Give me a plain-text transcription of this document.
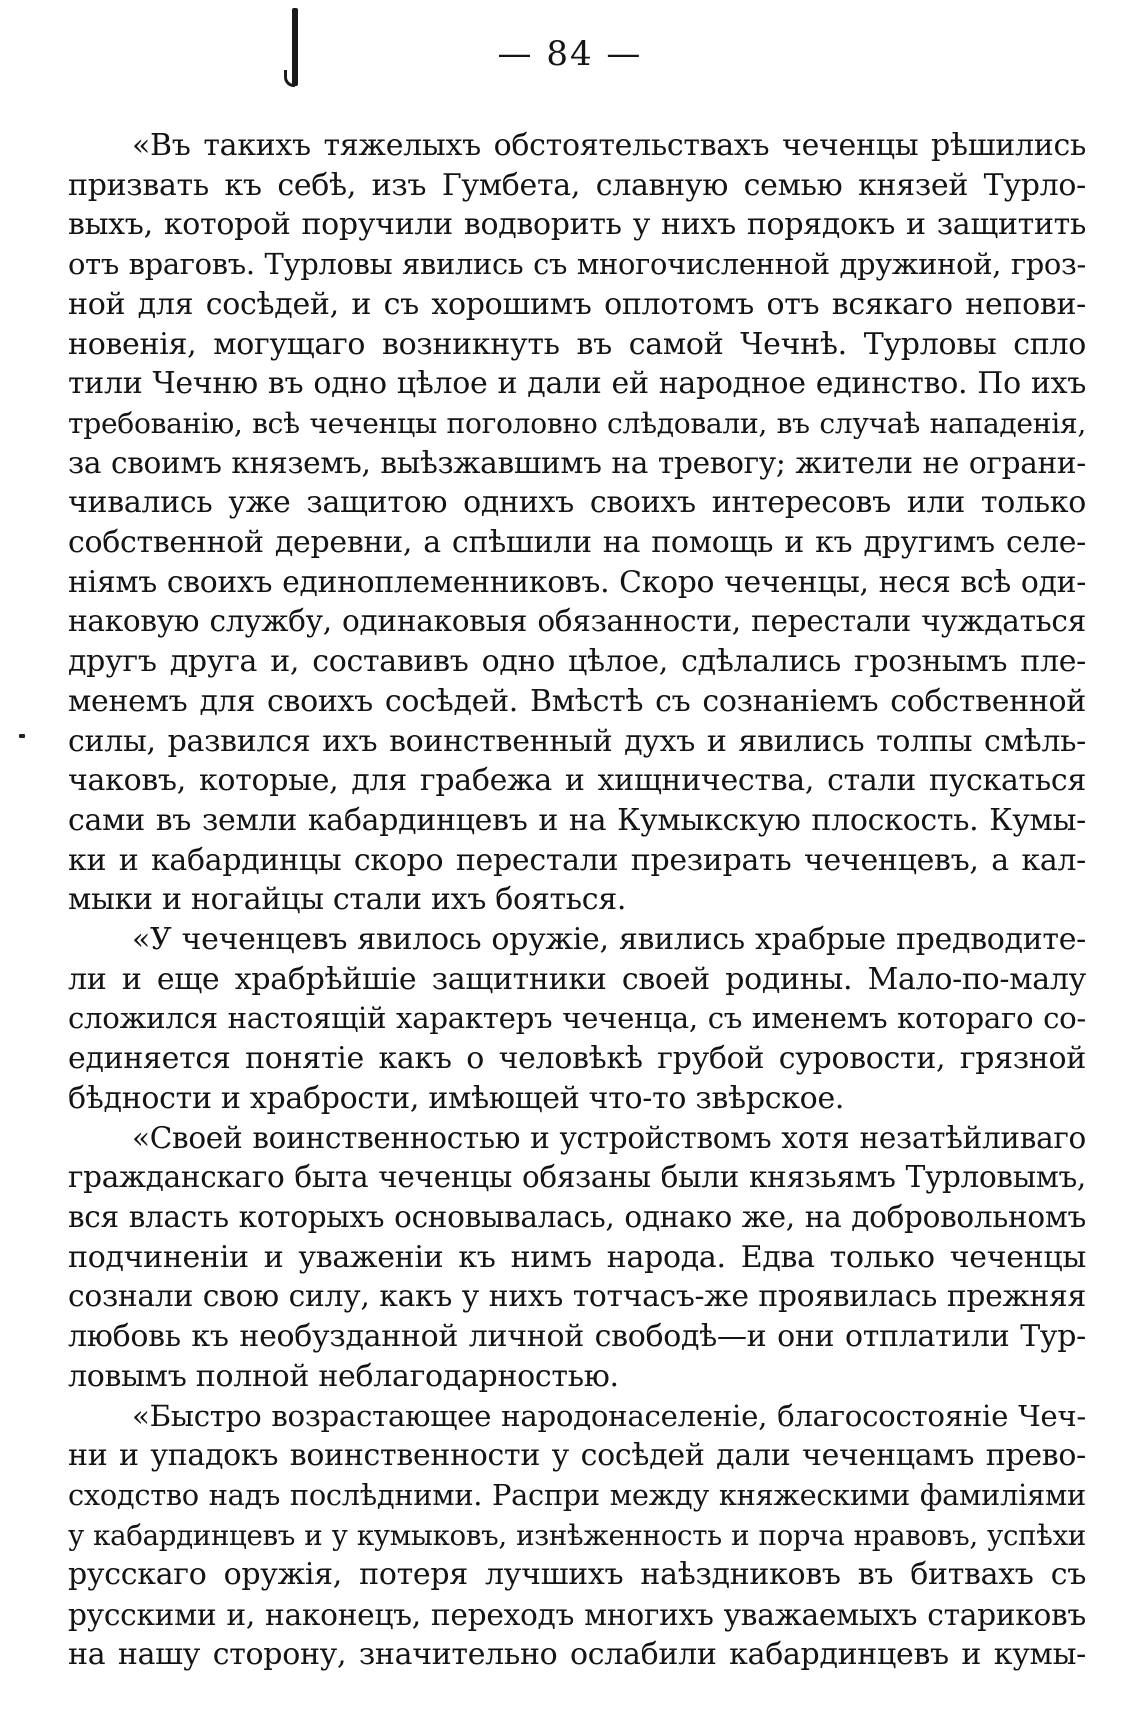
— 84 —

«Въ такихъ тяжелыхъ обстоятельствахъ чеченцы рѣшились
призвать къ себѣ, изъ Гумбета, славную семью князей Турло-
выхъ, которой поручили водворить у нихъ порядокъ и защитить
отъ враговъ. Турловы явились съ многочисленной дружиной, гроз-
ной для сосѣдей, и съ хорошимъ оплотомъ отъ всякаго непови-
новенія, могущаго возникнуть въ самой Чечнѣ. Турловы спло
тили Чечню въ одно цѣлое и дали ей народное единство. По ихъ
требованію, всѣ чеченцы поголовно слѣдовали, въ случаѣ нападенія,
за своимъ княземъ, выѣзжавшимъ на тревогу; жители не ограни-
чивались уже защитою однихъ своихъ интересовъ или только
собственной деревни, а спѣшили на помощь и къ другимъ селе-
ніямъ своихъ единоплеменниковъ. Скоро чеченцы, неся всѣ оди-
наковую службу, одинаковыя обязанности, перестали чуждаться
другъ друга и, составивъ одно цѣлое, сдѣлались грознымъ пле-
менемъ для своихъ сосѣдей. Вмѣстѣ съ сознаніемъ собственной
силы, развился ихъ воинственный духъ и явились толпы смѣль-
чаковъ, которые, для грабежа и хищничества, стали пускаться
сами въ земли кабардинцевъ и на Кумыкскую плоскость. Кумы-
ки и кабардинцы скоро перестали презирать чеченцевъ, а кал-
мыки и ногайцы стали ихъ бояться.

«У чеченцевъ явилось оружіе, явились храбрые предводите-
ли и еще храбрѣйшіе защитники своей родины. Мало-по-малу
сложился настоящій характеръ чеченца, съ именемъ котораго со-
единяется понятіе какъ о человѣкѣ грубой суровости, грязной
бѣдности и храбрости, имѣющей что-то звѣрское.

«Своей воинственностью и устройствомъ хотя незатѣйливаго
гражданскаго быта чеченцы обязаны были князьямъ Турловымъ,
вся власть которыхъ основывалась, однако же, на добровольномъ
подчиненіи и уваженіи къ нимъ народа. Едва только чеченцы
сознали свою силу, какъ у нихъ тотчасъ-же проявилась прежняя
любовь къ необузданной личной свободѣ—и они отплатили Тур-
ловымъ полной неблагодарностью.

«Быстро возрастающее народонаселеніе, благосостояніе Чеч-
ни и упадокъ воинственности у сосѣдей дали чеченцамъ прево-
сходство надъ послѣдними. Распри между княжескими фамиліями
у кабардинцевъ и у кумыковъ, изнѣженность и порча нравовъ, успѣхи
русскаго оружія, потеря лучшихъ наѣздниковъ въ битвахъ съ
русскими и, наконецъ, переходъ многихъ уважаемыхъ стариковъ
на нашу сторону, значительно ослабили кабардинцевъ и кумы-
